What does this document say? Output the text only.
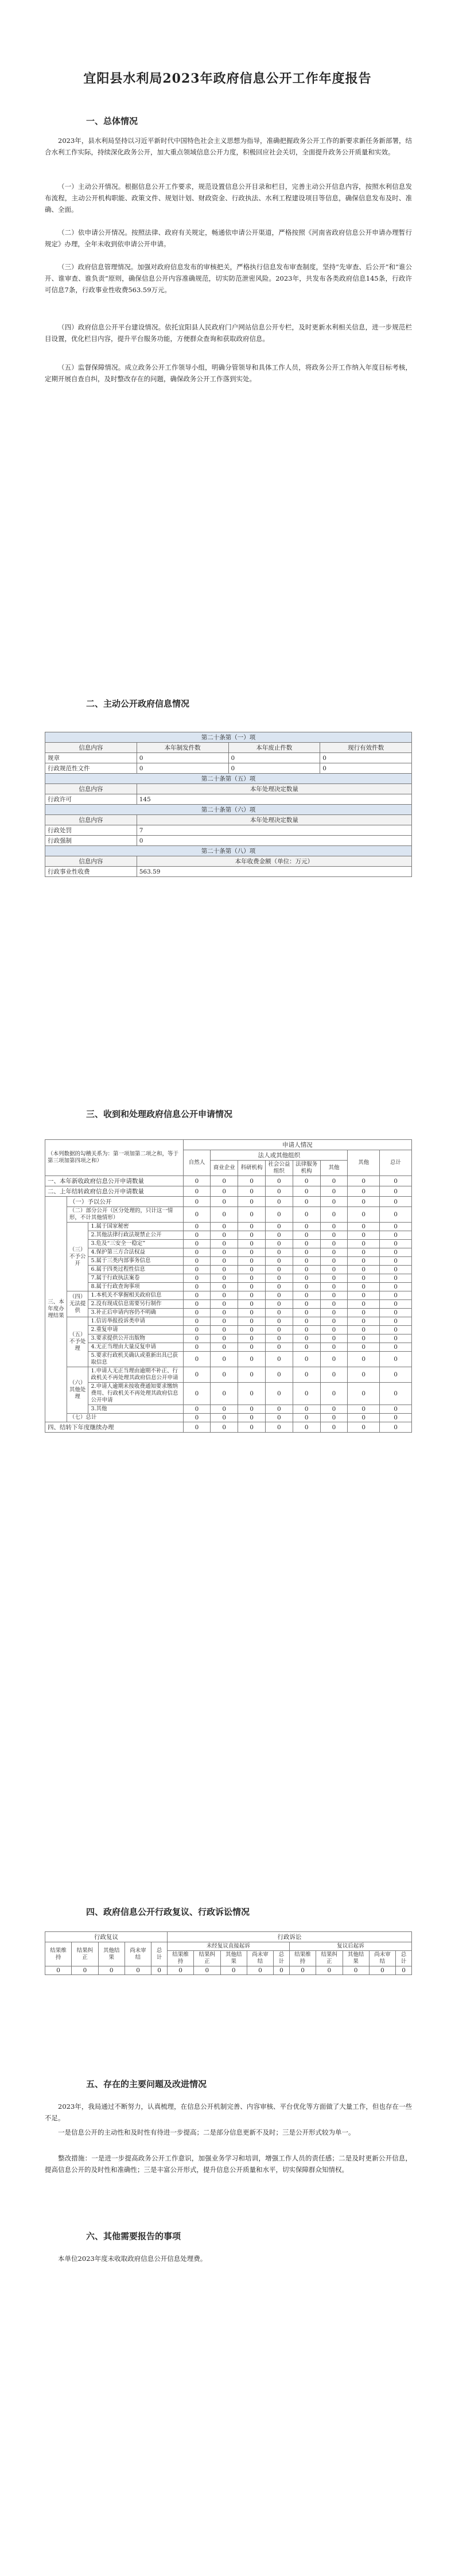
宜阳县水利局2023年政府信息公开工作年度报告
一、总体情况
2023年，县水利局坚持以习近平新时代中国特色社会主义思想为指导，准确把握政务公开工作的新要求新任务新部署，结合水利工作实际，持续深化政务公开，加大重点领域信息公开力度，积极回应社会关切，全面提升政务公开质量和实效。
（一）主动公开情况。根据信息公开工作要求，规范设置信息公开目录和栏目，完善主动公开信息内容，按照水利信息发布流程，主动公开机构职能、政策文件、规划计划、财政资金、行政执法、水利工程建设项目等信息，确保信息发布及时、准确、全面。
（二）依申请公开情况。按照法律、政府有关规定，畅通依申请公开渠道，严格按照《河南省政府信息公开申请办理暂行规定》办理，全年未收到依申请公开申请。
（三）政府信息管理情况。加强对政府信息发布的审核把关，严格执行信息发布审查制度，坚持“先审查、后公开”和“谁公开、谁审查、谁负责”原则，确保信息公开内容准确规范，切实防范泄密风险。2023年，共发布各类政府信息145条，行政许可信息7条，行政事业性收费563.59万元。
（四）政府信息公开平台建设情况。依托宜阳县人民政府门户网站信息公开专栏，及时更新水利相关信息，进一步规范栏目设置，优化栏目内容，提升平台服务功能，方便群众查询和获取政府信息。
（五）监督保障情况。成立政务公开工作领导小组，明确分管领导和具体工作人员，将政务公开工作纳入年度目标考核，定期开展自查自纠，及时整改存在的问题，确保政务公开工作落到实处。
二、主动公开政府信息情况
第二十条第（一）项			
信息内容	本年制发件数	本年废止件数	现行有效件数
规章	0	0	0
行政规范性文件	0	0	0
第二十条第（五）项			
信息内容	本年处理决定数量		
行政许可	145		
第二十条第（六）项			
信息内容	本年处理决定数量		
行政处罚	7		
行政强制	0		
第二十条第（八）项			
信息内容	本年收费金额（单位：万元）		
行政事业性收费	563.59		
三、收到和处理政府信息公开申请情况
（本列数据的勾稽关系为：第一项加第二项之和，等于第三项加第四项之和）			申请人情况							
			自然人	法人或其他组织					其他	总计
				商业企业	科研机构	社会公益组织	法律服务机构	其他		
一、本年新收政府信息公开申请数量			0	0	0	0	0	0	0	0
二、上年结转政府信息公开申请数量			0	0	0	0	0	0	0	0
三、本年度办理结果	（一）予以公开		0	0	0	0	0	0	0	0
	（二）部分公开（区分处理的，只计这一情形，不计其他情形）		0	0	0	0	0	0	0	0
	（三）不予公开	1.属于国家秘密	0	0	0	0	0	0	0	0
		2.其他法律行政法规禁止公开	0	0	0	0	0	0	0	0
		3.危及“三安全一稳定”	0	0	0	0	0	0	0	0
		4.保护第三方合法权益	0	0	0	0	0	0	0	0
		5.属于三类内部事务信息	0	0	0	0	0	0	0	0
		6.属于四类过程性信息	0	0	0	0	0	0	0	0
		7.属于行政执法案卷	0	0	0	0	0	0	0	0
		8.属于行政查询事项	0	0	0	0	0	0	0	0
	（四）无法提供	1.本机关不掌握相关政府信息	0	0	0	0	0	0	0	0
		2.没有现成信息需要另行制作	0	0	0	0	0	0	0	0
		3.补正后申请内容仍不明确	0	0	0	0	0	0	0	0
	（五）不予处理	1.信访举报投诉类申请	0	0	0	0	0	0	0	0
		2.重复申请	0	0	0	0	0	0	0	0
		3.要求提供公开出版物	0	0	0	0	0	0	0	0
		4.无正当理由大量反复申请	0	0	0	0	0	0	0	0
		5.要求行政机关确认或重新出具已获取信息	0	0	0	0	0	0	0	0
	（六）其他处理	1.申请人无正当理由逾期不补正、行政机关不再处理其政府信息公开申请	0	0	0	0	0	0	0	0
		2.申请人逾期未按收费通知要求缴纳费用、行政机关不再处理其政府信息公开申请	0	0	0	0	0	0	0	0
		3.其他	0	0	0	0	0	0	0	0
	（七）总计		0	0	0	0	0	0	0	0
四、结转下年度继续办理			0	0	0	0	0	0	0	0
四、政府信息公开行政复议、行政诉讼情况
行政复议					行政诉讼									
结果维持	结果纠正	其他结果	尚未审结	总计	未经复议直接起诉					复议后起诉				
					结果维持	结果纠正	其他结果	尚未审结	总计	结果维持	结果纠正	其他结果	尚未审结	总计
0	0	0	0	0	0	0	0	0	0	0	0	0	0	0
五、存在的主要问题及改进情况
2023年，我局通过不断努力，认真梳理，在信息公开机制完善、内容审核、平台优化等方面做了大量工作，但也存在一些不足。
一是信息公开的主动性和及时性有待进一步提高；二是部分信息更新不及时；三是公开形式较为单一。
整改措施：一是进一步提高政务公开工作意识，加强业务学习和培训，增强工作人员的责任感；二是及时更新公开信息，提高信息公开的及时性和准确性；三是丰富公开形式，提升信息公开质量和水平，切实保障群众知情权。
六、其他需要报告的事项
本单位2023年度未收取政府信息公开信息处理费。
